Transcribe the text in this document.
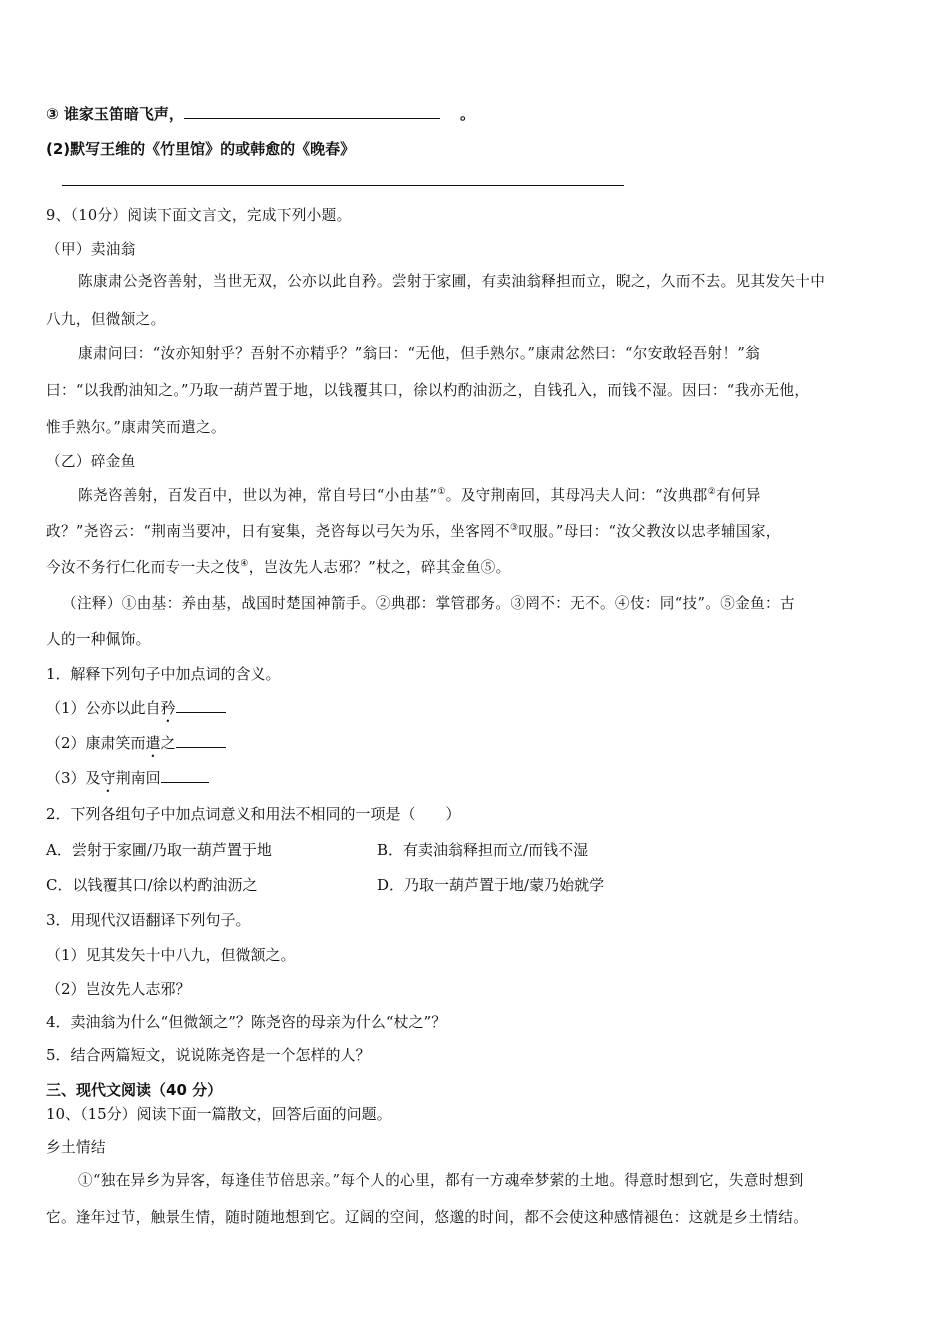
③ 谁家玉笛暗飞声，	。
(2)默写王维的《竹里馆》的或韩愈的《晚春》
9、（10分）阅读下面文言文，完成下列小题。
（甲）卖油翁
陈康肃公尧咨善射，当世无双，公亦以此自矜。尝射于家圃，有卖油翁释担而立，睨之，久而不去。见其发矢十中
八九，但微颔之。
康肃问曰：“汝亦知射乎？吾射不亦精乎？”翁曰：“无他，但手熟尔。”康肃忿然曰：“尔安敢轻吾射！”翁
曰：“以我酌油知之。”乃取一葫芦置于地，以钱覆其口，徐以杓酌油沥之，自钱孔入，而钱不湿。因曰：“我亦无他，
惟手熟尔。”康肃笑而遣之。
（乙）碎金鱼
陈尧咨善射，百发百中，世以为神，常自号曰“小由基”①。及守荆南回，其母冯夫人问：“汝典郡②有何异
政？”尧咨云：“荆南当要冲，日有宴集，尧咨每以弓矢为乐，坐客罔不③叹服。”母曰：“汝父教汝以忠孝辅国家，
今汝不务行仁化而专一夫之伎④，岂汝先人志邪？”杖之，碎其金鱼⑤。
（注释）①由基：养由基，战国时楚国神箭手。②典郡：掌管郡务。③罔不：无不。④伎：同“技”。⑤金鱼：古
人的一种佩饰。
1．解释下列句子中加点词的含义。
（1）公亦以此自矜
（2）康肃笑而遣之
（3）及守荆南回
2．下列各组句子中加点词意义和用法不相同的一项是（　　）
A．尝射于家圃/乃取一葫芦置于地	B．有卖油翁释担而立/而钱不湿
C．以钱覆其口/徐以杓酌油沥之	D．乃取一葫芦置于地/蒙乃始就学
3．用现代汉语翻译下列句子。
（1）见其发矢十中八九，但微颔之。
（2）岂汝先人志邪？
4．卖油翁为什么“但微颔之”？陈尧咨的母亲为什么“杖之”？
5．结合两篇短文，说说陈尧咨是一个怎样的人？
三、现代文阅读（40 分）
10、（15分）阅读下面一篇散文，回答后面的问题。
乡土情结
①“独在异乡为异客，每逢佳节倍思亲。”每个人的心里，都有一方魂牵梦萦的土地。得意时想到它，失意时想到
它。逢年过节，触景生情，随时随地想到它。辽阔的空间，悠邈的时间，都不会使这种感情褪色：这就是乡土情结。
